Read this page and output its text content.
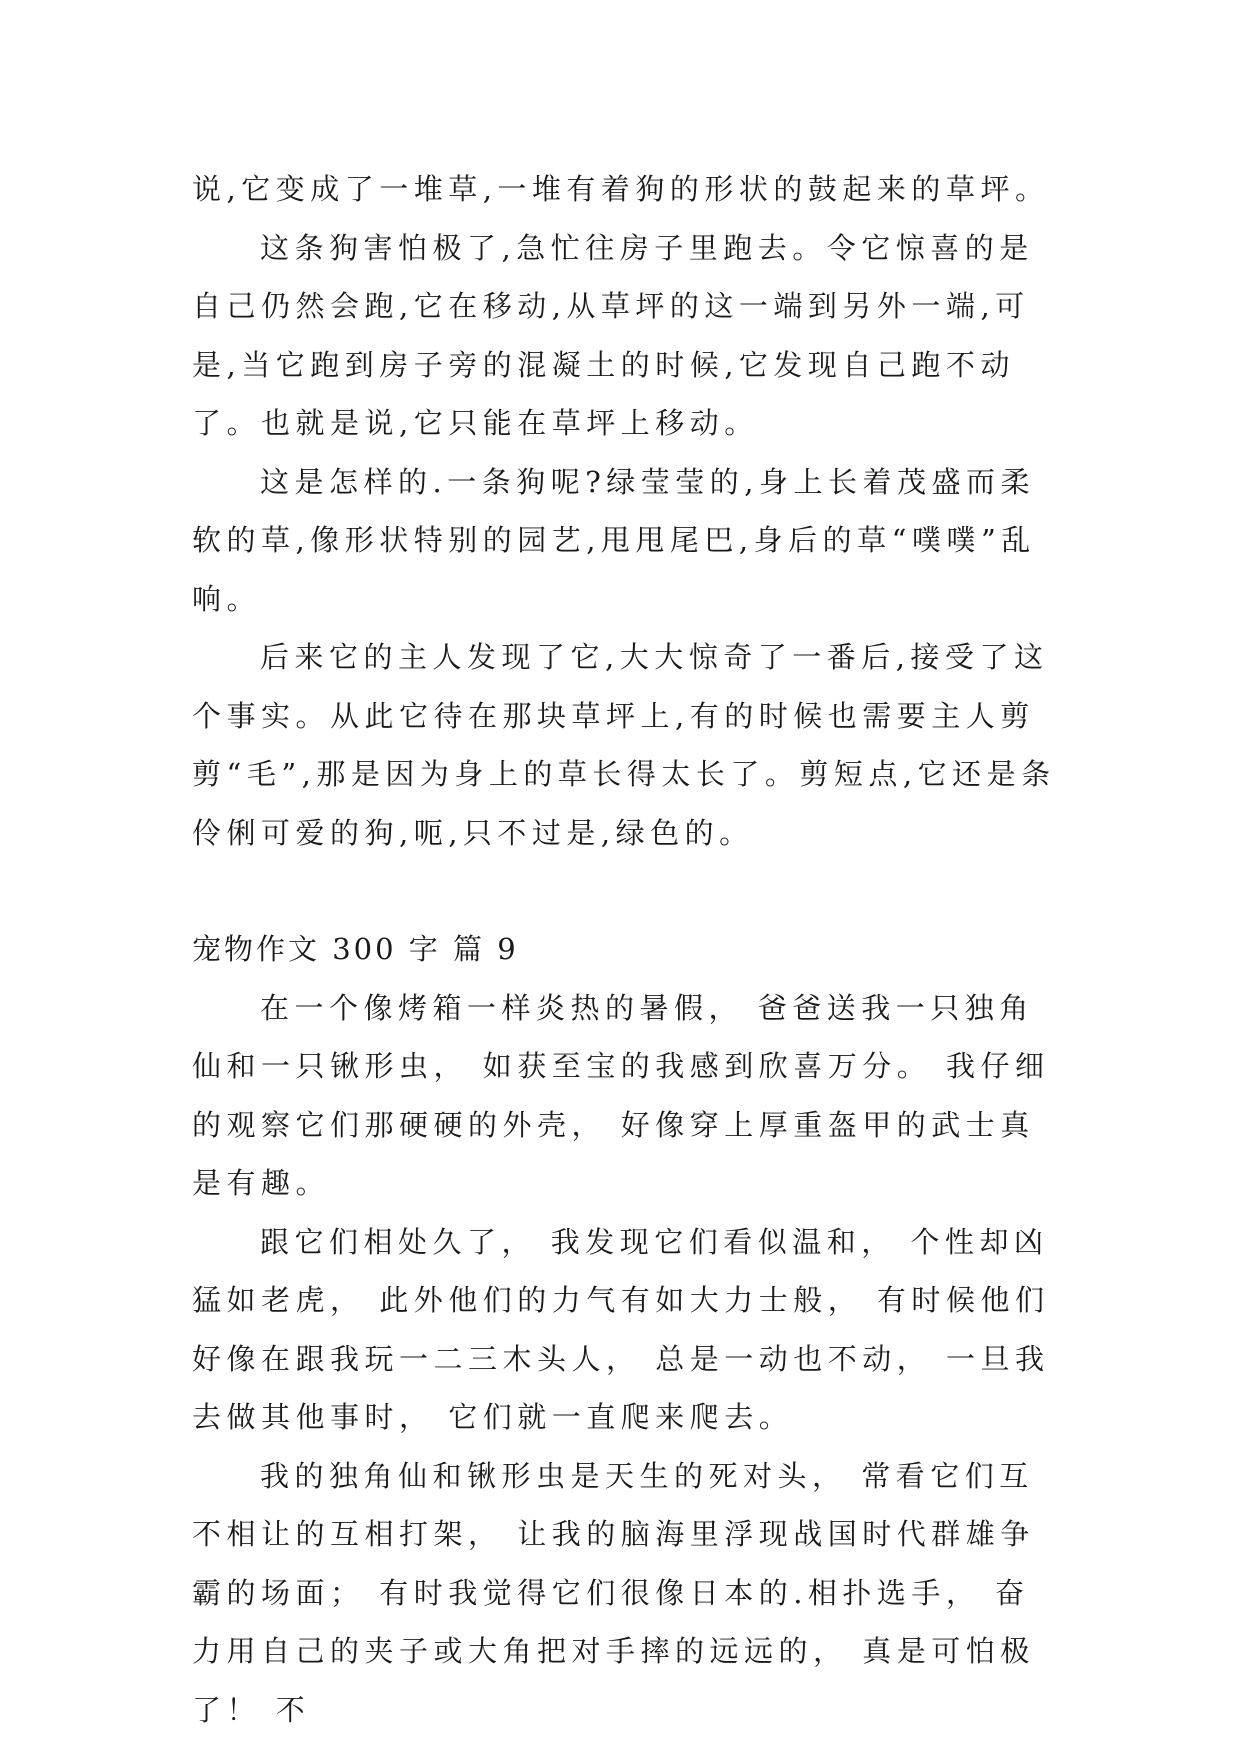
说,它变成了一堆草,一堆有着狗的形状的鼓起来的草坪。

这条狗害怕极了,急忙往房子里跑去。令它惊喜的是自己仍然会跑,它在移动,从草坪的这一端到另外一端,可是,当它跑到房子旁的混凝土的时候,它发现自己跑不动了。也就是说,它只能在草坪上移动。

这是怎样的.一条狗呢?绿莹莹的,身上长着茂盛而柔软的草,像形状特别的园艺,甩甩尾巴,身后的草“噗噗”乱响。

后来它的主人发现了它,大大惊奇了一番后,接受了这个事实。从此它待在那块草坪上,有的时候也需要主人剪剪“毛”,那是因为身上的草长得太长了。剪短点,它还是条伶俐可爱的狗,呃,只不过是,绿色的。

宠物作文 300 字 篇 9

在一个像烤箱一样炎热的暑假， 爸爸送我一只独角仙和一只锹形虫， 如获至宝的我感到欣喜万分。 我仔细的观察它们那硬硬的外壳， 好像穿上厚重盔甲的武士真是有趣。

跟它们相处久了， 我发现它们看似温和， 个性却凶猛如老虎， 此外他们的力气有如大力士般， 有时候他们好像在跟我玩一二三木头人， 总是一动也不动， 一旦我去做其他事时， 它们就一直爬来爬去。

我的独角仙和锹形虫是天生的死对头， 常看它们互不相让的互相打架， 让我的脑海里浮现战国时代群雄争霸的场面； 有时我觉得它们很像日本的.相扑选手， 奋力用自己的夹子或大角把对手摔的远远的， 真是可怕极了！ 不
